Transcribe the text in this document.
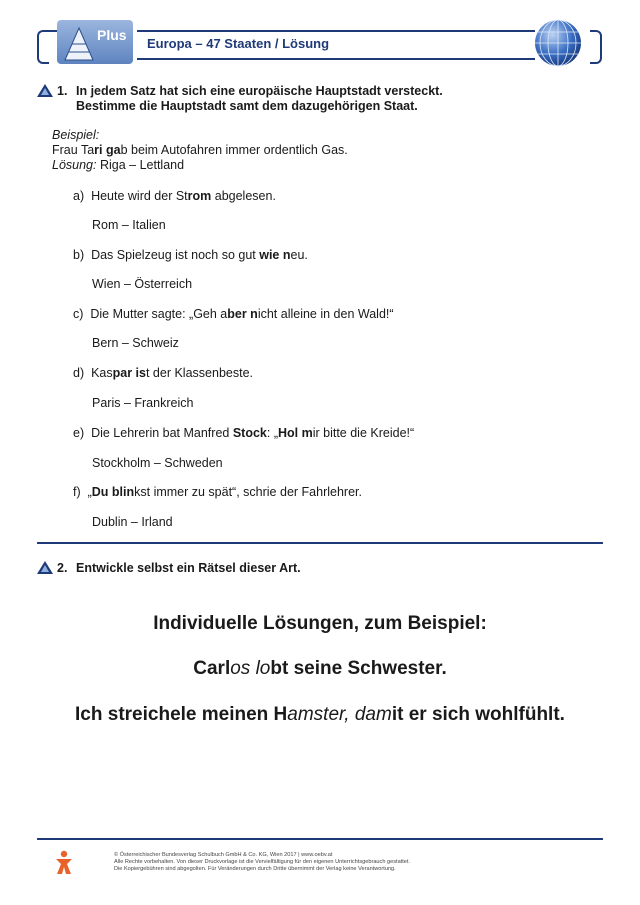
Plus
Europa – 47 Staaten / Lösung
1. In jedem Satz hat sich eine europäische Hauptstadt versteckt.
Bestimme die Hauptstadt samt dem dazugehörigen Staat.
Beispiel:
Frau Tari gab beim Autofahren immer ordentlich Gas.
Lösung: Riga – Lettland
a) Heute wird der Strom abgelesen.
Rom – Italien
b) Das Spielzeug ist noch so gut wie neu.
Wien – Österreich
c) Die Mutter sagte: „Geh aber nicht alleine in den Wald!“
Bern – Schweiz
d) Kaspar ist der Klassenbeste.
Paris – Frankreich
e) Die Lehrerin bat Manfred Stock: „Hol mir bitte die Kreide!“
Stockholm – Schweden
f) „Du blinkst immer zu spät“, schrie der Fahrlehrer.
Dublin – Irland
2. Entwickle selbst ein Rätsel dieser Art.
Individuelle Lösungen, zum Beispiel:
Carlos lobt seine Schwester.
Ich streichele meinen Hamster, damit er sich wohlfühlt.
© Österreichischer Bundesverlag Schulbuch GmbH & Co. KG, Wien 2017 | www.oebv.at
Alle Rechte vorbehalten. Von dieser Druckvorlage ist die Vervielfältigung für den eigenen Unterrichtsgebrauch gestattet.
Die Kopiergebühren sind abgegolten. Für Veränderungen durch Dritte übernimmt der Verlag keine Verantwortung.
